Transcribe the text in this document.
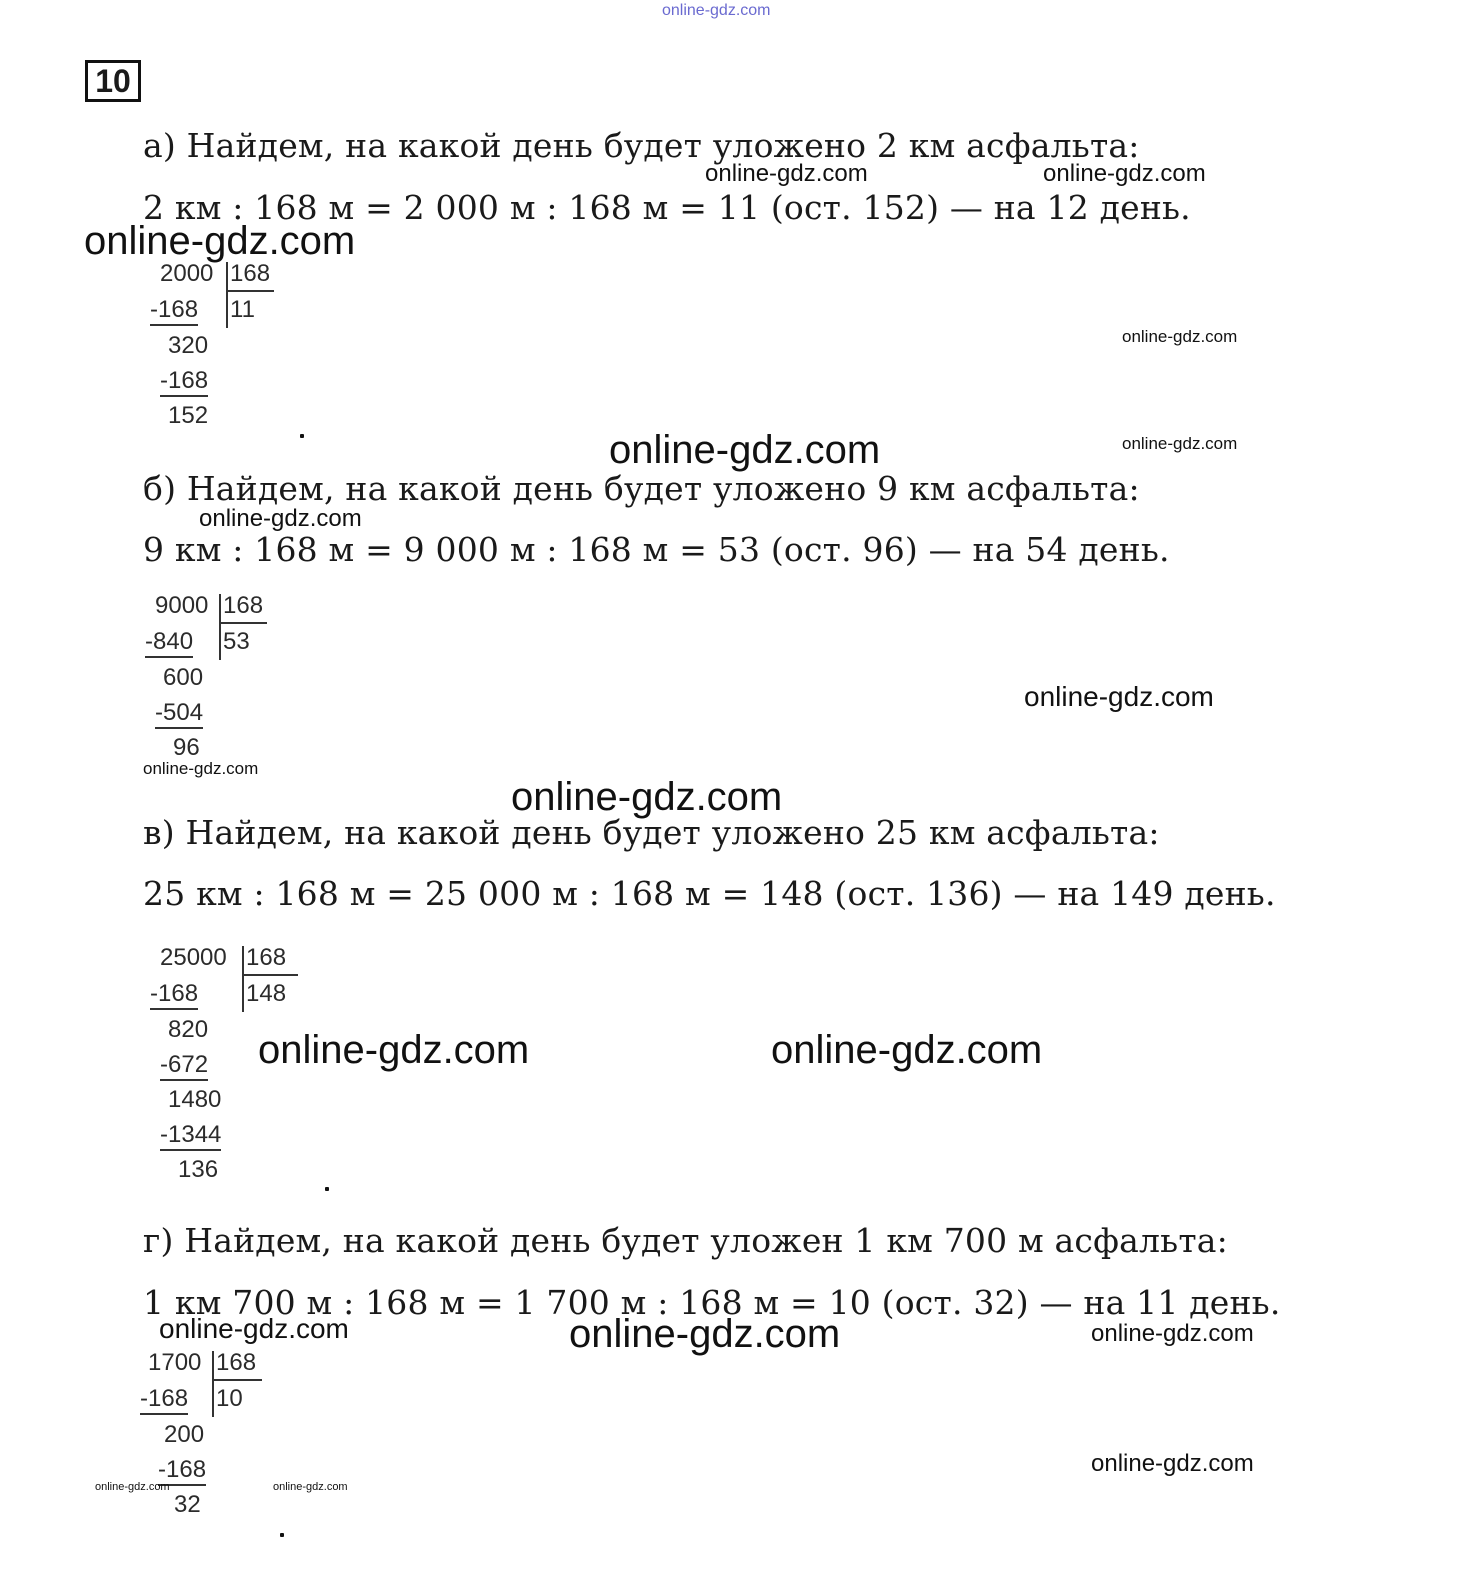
online-gdz.com
10
а) Найдем, на какой день будет уложено 2 км асфальта:
2 км : 168 м = 2 000 м : 168 м = 11 (ост. 152) — на 12 день.
2000 168
11
-168
320
-168
152
б) Найдем, на какой день будет уложено 9 км асфальта:
9 км : 168 м = 9 000 м : 168 м = 53 (ост. 96) — на 54 день.
9000 168
53
-840
600
-504
96
в) Найдем, на какой день будет уложено 25 км асфальта:
25 км : 168 м = 25 000 м : 168 м = 148 (ост. 136) — на 149 день.
25000 168
148
-168
820
-672
1480
-1344
136
г) Найдем, на какой день будет уложен 1 км 700 м асфальта:
1 км 700 м : 168 м = 1 700 м : 168 м = 10 (ост. 32) — на 11 день.
1700 168
10
-168
200
-168
32
online-gdz.com	online-gdz.com
online-gdz.com
online-gdz.com
online-gdz.com
online-gdz.com
online-gdz.com
online-gdz.com
online-gdz.com
online-gdz.com
online-gdz.com	online-gdz.com
online-gdz.com	online-gdz.com	online-gdz.com
online-gdz.com
online-gdz.com	online-gdz.com
